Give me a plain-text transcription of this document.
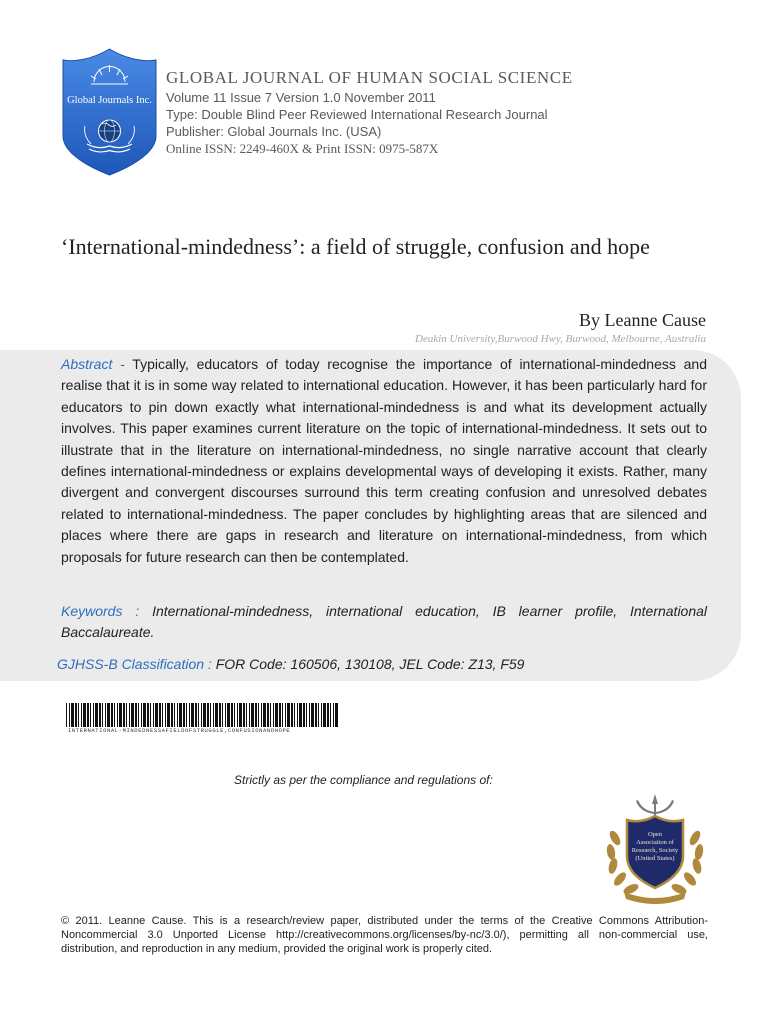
Global Journals Inc.
GLOBAL JOURNAL OF HUMAN SOCIAL SCIENCE
Volume 11 Issue 7 Version 1.0 November 2011
Type: Double Blind Peer Reviewed International Research Journal
Publisher: Global Journals Inc. (USA)
Online ISSN: 2249-460X & Print ISSN: 0975-587X
‘International-mindedness’: a field of struggle, confusion and hope
By Leanne Cause
Deakin University,Burwood Hwy, Burwood, Melbourne, Australia
Abstract - Typically, educators of today recognise the importance of international-mindedness and realise that it is in some way related to international education. However, it has been particularly hard for educators to pin down exactly what international-mindedness is and what its development actually involves. This paper examines current literature on the topic of international-mindedness. It sets out to illustrate that in the literature on international-mindedness, no single narrative account that clearly defines international-mindedness or explains developmental ways of developing it exists. Rather, many divergent and convergent discourses surround this term creating confusion and unresolved debates related to international-mindedness. The paper concludes by highlighting areas that are silenced and places where there are gaps in research and literature on international-mindedness, from which proposals for future research can then be contemplated.
Keywords : International-mindedness, international education, IB learner profile, International Baccalaureate.
GJHSS-B Classification : FOR Code: 160506, 130108, JEL Code: Z13, F59
INTERNATIONAL-MINDEDNESSAFIELDOFSTRUGGLE,CONFUSIONANDHOPE
Strictly as per the compliance and regulations of:
Open
Association of
Research, Society
(United States)
© 2011. Leanne Cause. This is a research/review paper, distributed under the terms of the Creative Commons Attribution-Noncommercial 3.0 Unported License http://creativecommons.org/licenses/by-nc/3.0/), permitting all non-commercial use, distribution, and reproduction in any medium, provided the original work is properly cited.
